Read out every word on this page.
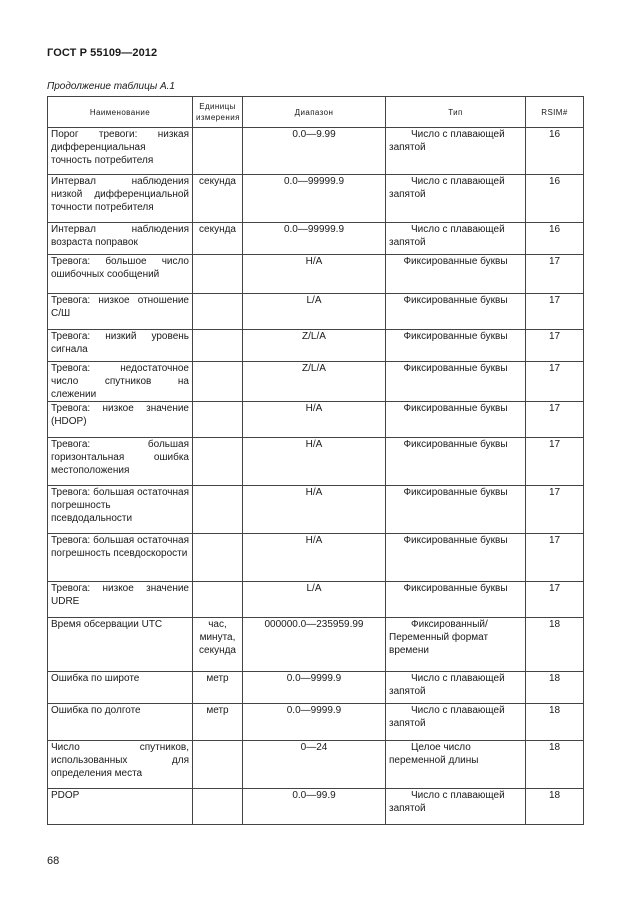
ГОСТ Р 55109—2012
Продолжение таблицы А.1
Наименование	Единицы измерения	Диапазон	Тип	RSIM#
Порог тревоги: низкая дифференциальная точность потребителя		0.0—9.99	Число с плавающей запятой	16
Интервал наблюдения низкой дифференциальной точности потребителя	секунда	0.0—99999.9	Число с плавающей запятой	16
Интервал наблюдения возраста поправок	секунда	0.0—99999.9	Число с плавающей запятой	16
Тревога: большое число ошибочных сообщений		H/A	Фиксированные буквы	17
Тревога: низкое отношение С/Ш		L/A	Фиксированные буквы	17
Тревога: низкий уровень сигнала		Z/L/A	Фиксированные буквы	17
Тревога: недостаточное число спутников на слежении		Z/L/A	Фиксированные буквы	17
Тревога: низкое значение (HDOP)		H/A	Фиксированные буквы	17
Тревога: большая горизонтальная ошибка местоположения		H/A	Фиксированные буквы	17
Тревога: большая остаточная погрешность псевдодальности		H/A	Фиксированные буквы	17
Тревога: большая остаточная погрешность псевдоскорости		H/A	Фиксированные буквы	17
Тревога: низкое значение UDRE		L/A	Фиксированные буквы	17
Время обсервации UTC	час, минута, секунда	000000.0—235959.99	Фиксированный/Переменный формат времени	18
Ошибка по широте	метр	0.0—9999.9	Число с плавающей запятой	18
Ошибка по долготе	метр	0.0—9999.9	Число с плавающей запятой	18
Число спутников, использованных для определения места		0—24	Целое число переменной длины	18
PDOP		0.0—99.9	Число с плавающей запятой	18
68
